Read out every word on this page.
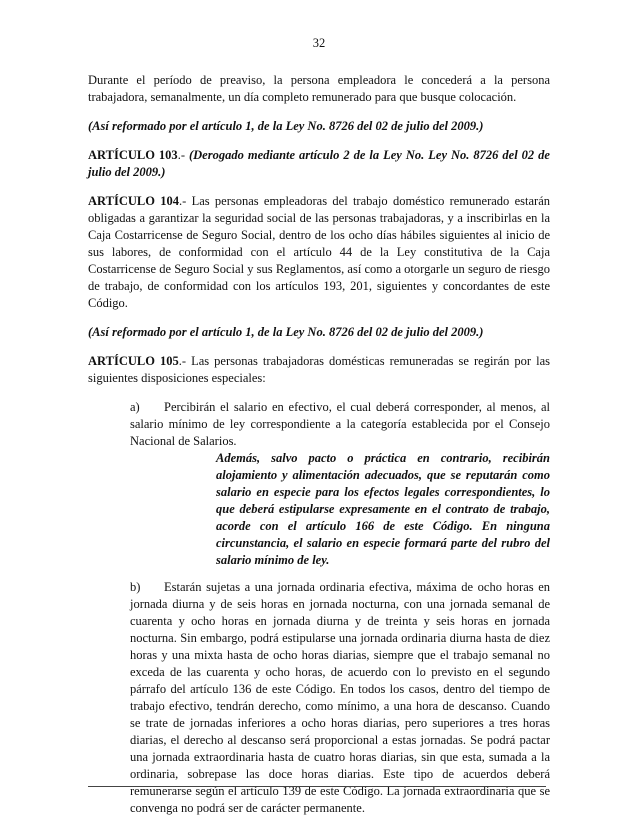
32

Durante el período de preaviso, la persona empleadora le concederá a la persona trabajadora, semanalmente, un día completo remunerado para que busque colocación.

(Así reformado por el artículo 1, de la Ley No. 8726 del 02 de julio del 2009.)

ARTÍCULO 103.- (Derogado mediante artículo 2 de la Ley No. Ley No. 8726 del 02 de julio del 2009.)

ARTÍCULO 104.- Las personas empleadoras del trabajo doméstico remunerado estarán obligadas a garantizar la seguridad social de las personas trabajadoras, y a inscribirlas en la Caja Costarricense de Seguro Social, dentro de los ocho días hábiles siguientes al inicio de sus labores, de conformidad con el artículo 44 de la Ley constitutiva de la Caja Costarricense de Seguro Social y sus Reglamentos, así como a otorgarle un seguro de riesgo de trabajo, de conformidad con los artículos 193, 201, siguientes y concordantes de este Código.

(Así reformado por el artículo 1, de la Ley No. 8726 del 02 de julio del 2009.)

ARTÍCULO 105.- Las personas trabajadoras domésticas remuneradas se regirán por las siguientes disposiciones especiales:

a) Percibirán el salario en efectivo, el cual deberá corresponder, al menos, al salario mínimo de ley correspondiente a la categoría establecida por el Consejo Nacional de Salarios.

Además, salvo pacto o práctica en contrario, recibirán alojamiento y alimentación adecuados, que se reputarán como salario en especie para los efectos legales correspondientes, lo que deberá estipularse expresamente en el contrato de trabajo, acorde con el artículo 166 de este Código. En ninguna circunstancia, el salario en especie formará parte del rubro del salario mínimo de ley.

b) Estarán sujetas a una jornada ordinaria efectiva, máxima de ocho horas en jornada diurna y de seis horas en jornada nocturna, con una jornada semanal de cuarenta y ocho horas en jornada diurna y de treinta y seis horas en jornada nocturna. Sin embargo, podrá estipularse una jornada ordinaria diurna hasta de diez horas y una mixta hasta de ocho horas diarias, siempre que el trabajo semanal no exceda de las cuarenta y ocho horas, de acuerdo con lo previsto en el segundo párrafo del artículo 136 de este Código. En todos los casos, dentro del tiempo de trabajo efectivo, tendrán derecho, como mínimo, a una hora de descanso. Cuando se trate de jornadas inferiores a ocho horas diarias, pero superiores a tres horas diarias, el derecho al descanso será proporcional a estas jornadas. Se podrá pactar una jornada extraordinaria hasta de cuatro horas diarias, sin que esta, sumada a la ordinaria, sobrepase las doce horas diarias. Este tipo de acuerdos deberá remunerarse según el artículo 139 de este Código. La jornada extraordinaria que se convenga no podrá ser de carácter permanente.
